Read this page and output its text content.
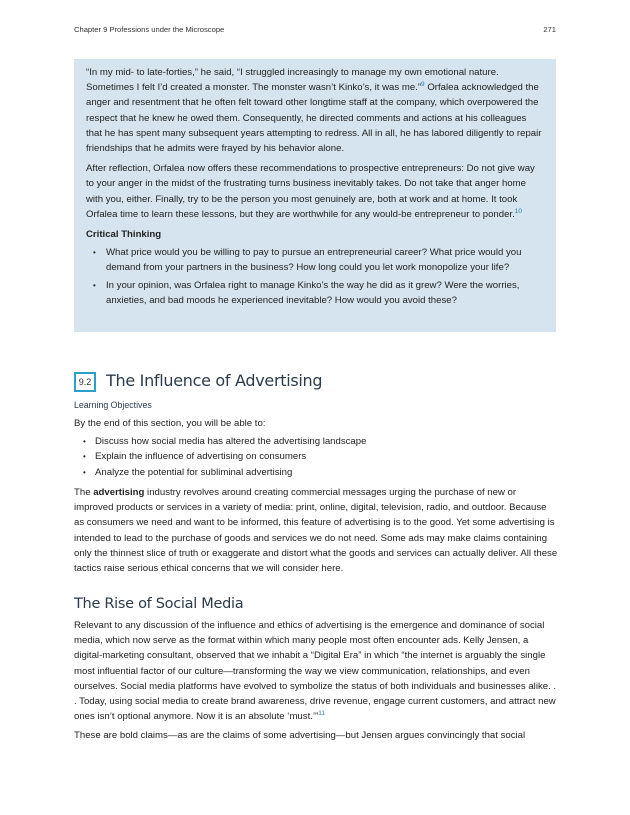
Chapter 9 Professions under the Microscope	271

“In my mid- to late-forties,” he said, “I struggled increasingly to manage my own emotional nature. Sometimes I felt I’d created a monster. The monster wasn’t Kinko’s, it was me.”$^9$ Orfalea acknowledged the anger and resentment that he often felt toward other longtime staff at the company, which overpowered the respect that he knew he owed them. Consequently, he directed comments and actions at his colleagues that he has spent many subsequent years attempting to redress. All in all, he has labored diligently to repair friendships that he admits were frayed by his behavior alone.

After reflection, Orfalea now offers these recommendations to prospective entrepreneurs: Do not give way to your anger in the midst of the frustrating turns business inevitably takes. Do not take that anger home with you, either. Finally, try to be the person you most genuinely are, both at work and at home. It took Orfalea time to learn these lessons, but they are worthwhile for any would-be entrepreneur to ponder.$^{10}$

Critical Thinking
• What price would you be willing to pay to pursue an entrepreneurial career? What price would you demand from your partners in the business? How long could you let work monopolize your life?
• In your opinion, was Orfalea right to manage Kinko’s the way he did as it grew? Were the worries, anxieties, and bad moods he experienced inevitable? How would you avoid these?
9.2 The Influence of Advertising
Learning Objectives

By the end of this section, you will be able to:

• Discuss how social media has altered the advertising landscape
• Explain the influence of advertising on consumers
• Analyze the potential for subliminal advertising

The advertising industry revolves around creating commercial messages urging the purchase of new or improved products or services in a variety of media: print, online, digital, television, radio, and outdoor. Because as consumers we need and want to be informed, this feature of advertising is to the good. Yet some advertising is intended to lead to the purchase of goods and services we do not need. Some ads may make claims containing only the thinnest slice of truth or exaggerate and distort what the goods and services can actually deliver. All these tactics raise serious ethical concerns that we will consider here.

The Rise of Social Media

Relevant to any discussion of the influence and ethics of advertising is the emergence and dominance of social media, which now serve as the format within which many people most often encounter ads. Kelly Jensen, a digital-marketing consultant, observed that we inhabit a “Digital Era” in which “the internet is arguably the single most influential factor of our culture—transforming the way we view communication, relationships, and even ourselves. Social media platforms have evolved to symbolize the status of both individuals and businesses alike. . . Today, using social media to create brand awareness, drive revenue, engage current customers, and attract new ones isn’t optional anymore. Now it is an absolute ‘must.’”$^{11}$

These are bold claims—as are the claims of some advertising—but Jensen argues convincingly that social
